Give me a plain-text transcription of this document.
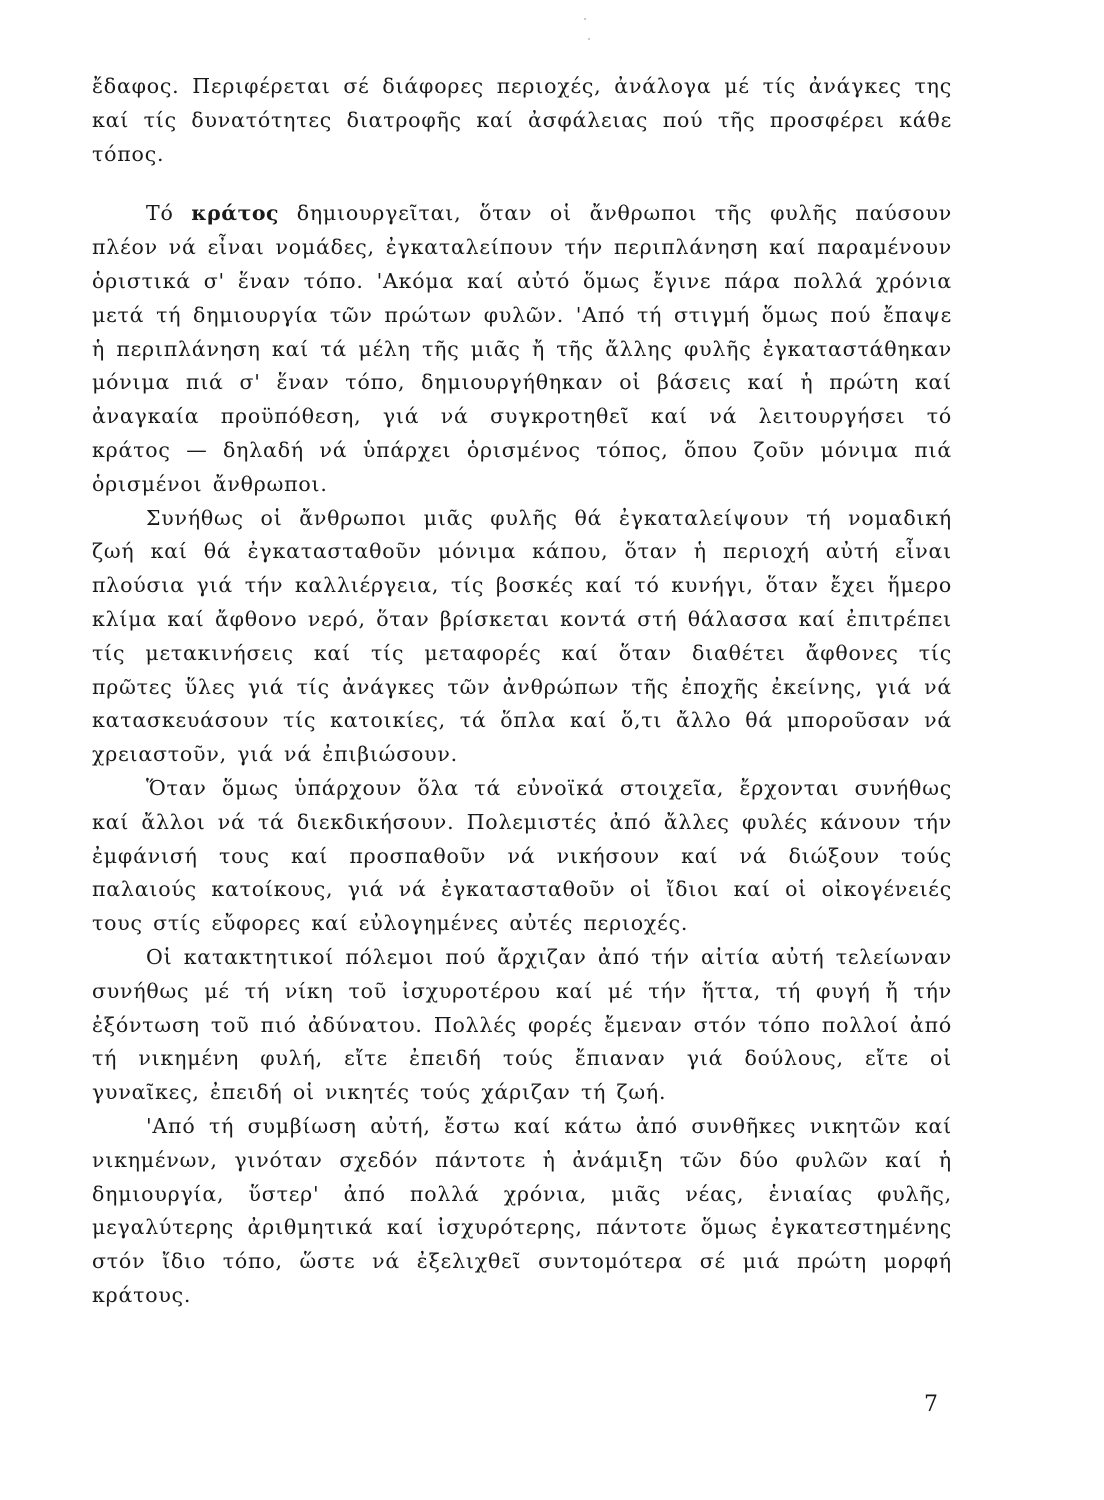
ἔδαφος. Περιφέρεται σέ διάφορες περιοχές, ἀνάλογα μέ τίς ἀνάγκες της καί τίς δυνατότητες διατροφῆς καί ἀσφάλειας πού τῆς προσφέρει κάθε τόπος.

Τό κράτος δημιουργεῖται, ὅταν οἱ ἄνθρωποι τῆς φυλῆς παύσουν πλέον νά εἶναι νομάδες, ἐγκαταλείπουν τήν περιπλάνηση καί παραμένουν ὁριστικά σ' ἕναν τόπο. 'Ακόμα καί αὐτό ὅμως ἔγινε πάρα πολλά χρόνια μετά τή δημιουργία τῶν πρώτων φυλῶν. 'Από τή στιγμή ὅμως πού ἔπαψε ἡ περιπλάνηση καί τά μέλη τῆς μιᾶς ἤ τῆς ἄλλης φυλῆς ἐγκαταστάθηκαν μόνιμα πιά σ' ἕναν τόπο, δημιουργήθηκαν οἱ βάσεις καί ἡ πρώτη καί ἀναγκαία προϋπόθεση, γιά νά συγκροτηθεῖ καί νά λειτουργήσει τό κράτος — δηλαδή νά ὑπάρχει ὁρισμένος τόπος, ὅπου ζοῦν μόνιμα πιά ὁρισμένοι ἄνθρωποι.

Συνήθως οἱ ἄνθρωποι μιᾶς φυλῆς θά ἐγκαταλείψουν τή νομαδική ζωή καί θά ἐγκατασταθοῦν μόνιμα κάπου, ὅταν ἡ περιοχή αὐτή εἶναι πλούσια γιά τήν καλλιέργεια, τίς βοσκές καί τό κυνήγι, ὅταν ἔχει ἥμερο κλίμα καί ἄφθονο νερό, ὅταν βρίσκεται κοντά στή θάλασσα καί ἐπιτρέπει τίς μετακινήσεις καί τίς μεταφορές καί ὅταν διαθέτει ἄφθονες τίς πρῶτες ὕλες γιά τίς ἀνάγκες τῶν ἀνθρώπων τῆς ἐποχῆς ἐκείνης, γιά νά κατασκευάσουν τίς κατοικίες, τά ὅπλα καί ὅ,τι ἄλλο θά μποροῦσαν νά χρειαστοῦν, γιά νά ἐπιβιώσουν.

Ὅταν ὅμως ὑπάρχουν ὅλα τά εὐνοϊκά στοιχεῖα, ἔρχονται συνήθως καί ἄλλοι νά τά διεκδικήσουν. Πολεμιστές ἀπό ἄλλες φυλές κάνουν τήν ἐμφάνισή τους καί προσπαθοῦν νά νικήσουν καί νά διώξουν τούς παλαιούς κατοίκους, γιά νά ἐγκατασταθοῦν οἱ ἴδιοι καί οἱ οἰκογένειές τους στίς εὔφορες καί εὐλογημένες αὐτές περιοχές.

Οἱ κατακτητικοί πόλεμοι πού ἄρχιζαν ἀπό τήν αἰτία αὐτή τελείωναν συνήθως μέ τή νίκη τοῦ ἰσχυροτέρου καί μέ τήν ἥττα, τή φυγή ἤ τήν ἐξόντωση τοῦ πιό ἀδύνατου. Πολλές φορές ἔμεναν στόν τόπο πολλοί ἀπό τή νικημένη φυλή, εἴτε ἐπειδή τούς ἔπιαναν γιά δούλους, εἴτε οἱ γυναῖκες, ἐπειδή οἱ νικητές τούς χάριζαν τή ζωή.

'Από τή συμβίωση αὐτή, ἔστω καί κάτω ἀπό συνθῆκες νικητῶν καί νικημένων, γινόταν σχεδόν πάντοτε ἡ ἀνάμιξη τῶν δύο φυλῶν καί ἡ δημιουργία, ὕστερ' ἀπό πολλά χρόνια, μιᾶς νέας, ἑνιαίας φυλῆς, μεγαλύτερης ἀριθμητικά καί ἰσχυρότερης, πάντοτε ὅμως ἐγκατεστημένης στόν ἴδιο τόπο, ὥστε νά ἐξελιχθεῖ συντομότερα σέ μιά πρώτη μορφή κράτους.

7
